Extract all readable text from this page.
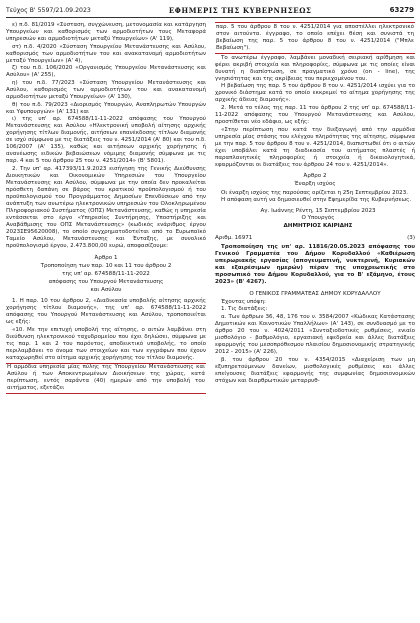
Τεύχος Β' 5597/21.09.2023	ΕΦΗΜΕΡΙΣ ΤΗΣ ΚΥΒΕΡΝΗΣΕΩΣ	63279

ε) π.δ. 81/2019 «Σύσταση, συγχώνευση, μετονομασία και κατάργηση Υπουργείων και καθορισμός των αρμοδιοτήτων τους Μεταφορά υπηρεσιών και αρμοδιοτήτων μεταξύ Υπουργείων» (Α' 119),

στ) π.δ. 4/2020 «Σύσταση Υπουργείου Μετανάστευσης και Ασύλου, καθορισμός των αρμοδιοτήτων του και ανακατανομή αρμοδιοτήτων μεταξύ Υπουργείων» (Α' 4),

ζ) του π.δ. 106/2020 «Οργανισμός Υπουργείου Μετανάστευσης και Ασύλου» (Α' 255),

η) του π.δ. 77/2023 «Σύσταση Υπουργείου Μετανάστευσης και Ασύλου, καθορισμός των αρμοδιοτήτων του και ανακατανομή αρμοδιοτήτων μεταξύ Υπουργείων» (Α' 130),

θ) του π.δ. 79/2023 «Διορισμός Υπουργών, Αναπληρωτών Υπουργών και Υφυπουργών» (Α' 131) και

ι) της υπ' αρ. 674588/11-11-2022 απόφασης του Υπουργού Μετανάστευσης και Ασύλου «Ηλεκτρονική υποβολή αίτησης αρχικής χορήγησης τίτλων διαμονής, αιτήσεων επανέκδοσης τίτλων διαμονής σε ισχύ σύμφωνα με τις διατάξεις του ν. 4251/2014 (Α' 80) και του π.δ. 106/2007 (Α' 135), καθώς και αιτήσεων αρχικής χορήγησης ή ανανέωσης ειδικών βεβαιώσεων νόμιμης διαμονής σύμφωνα με τις παρ. 4 και 5 του άρθρου 25 του ν. 4251/2014» (Β' 5801).

2. Την υπ' αρ. 417393/11.9.2023 εισήγηση της Γενικής Διεύθυνσης Διοικητικών και Οικονομικών Υπηρεσιών του Υπουργείου Μετανάστευσης και Ασύλου, σύμφωνα με την οποία δεν προκαλείται πρόσθετη δαπάνη σε βάρος του κρατικού προϋπολογισμού ή του προϋπολογισμού του Προγράμματος Δημοσίων Επενδύσεων από την ανάπτυξη των ανωτέρω ηλεκτρονικών υπηρεσιών του Ολοκληρωμένου Πληροφοριακού Συστήματος (ΟΠΣ) Μετανάστευσης, καθώς η υπηρεσία εντάσσεται στο έργο «Υπηρεσίες Συντήρησης, Υποστήριξης και Αναβάθμισης του ΟΠΣ Μετανάστευσης» (κωδικός ενάριθμος έργου 2023ΣΕ95620008), το οποίο συγχρηματοδοτείται από το Ευρωπαϊκό Ταμείο Ασύλου, Μετανάστευσης και Ένταξης, με συνολικό προϋπολογισμό έργου, 2.473.800,00 ευρώ, αποφασίζουμε:

Άρθρο 1

Τροποποίηση των παρ. 10 και 11 του άρθρου 2

της υπ' αρ. 674588/11-11-2022

απόφασης του Υπουργού Μετανάστευσης

και Ασύλου

1. Η παρ. 10 του άρθρου 2, «Διαδικασία υποβολής αίτησης αρχικής χορήγησης τίτλου διαμονής», της υπ' αρ. 674588/11-11-2022 απόφασης του Υπουργού Μετανάστευσης και Ασύλου, τροποποιείται ως εξής:

«10. Με την επιτυχή υποβολή της αίτησης, ο αιτών λαμβάνει στη διεύθυνση ηλεκτρονικού ταχυδρομείου που έχει δηλώσει, σύμφωνα με τις παρ. 1 και 2 του παρόντος, αποδεικτικό υποβολής, το οποίο περιλαμβάνει το όνομα των στοιχείων και των εγγράφων που έχουν καταχωρηθεί στο αίτημα αρχικής χορήγησης του τίτλου διαμονής.

Η αρμόδια υπηρεσία μίας πύλης της Υπουργείου Μετανάστευσης και Ασύλου ή των Αποκεντρωμένων Διοικήσεων της χώρας, κατά περίπτωση, εντός σαράντα (40) ημερών από την υποβολή του αιτήματος, εξετάζει

παρ. 5 του άρθρου 8 του ν. 4251/2014 για αποστέλλει ηλεκτρονικό στον αιτούντα. έγγραφο, το οποίο επέχει θέση και συνιστά τη βεβαίωση της παρ. 5 του άρθρου 8 του ν. 4251/2014 ("Μπλε Βεβαίωση").

Το ανωτέρω έγγραφο, λαμβάνει μοναδική σειριακή αρίθμηση και φέρει ακριβή στοιχεία και πληροφορίες, σύμφωνα με τις οποίες είναι δυνατή η διαπίστωση, σε πραγματικό χρόνο (on - line), της γνησιότητας και της ακρίβειας του περιεχομένου του.

Η βεβαίωση της παρ. 5 του άρθρου 8 του ν. 4251/2014 ισχύει για το χρονικό διάστημα κατά το οποίο εκκρεμεί το αίτημα χορήγησης της αρχικής άδειας διαμονής».

2. Μετά το τέλος της παρ. 11 του άρθρου 2 της υπ' αρ. 674588/11-11-2022 απόφασης του Υπουργού Μετανάστευσης και Ασύλου, προστίθεται νέο εδάφιο, ως εξής:

«Στην περίπτωση που κατά την διεξαγωγή από την αρμόδια υπηρεσία μίας στάσης του ελέγχου πληρότητας της αίτησης, σύμφωνα με την παρ. 5 του άρθρου 8 του ν. 4251/2014, διαπιστωθεί ότι ο αιτών έχει υποβάλει κατά τη διαδικασία του αιτήματος πλαστές ή παραπλανητικές πληροφορίες ή στοιχεία ή δικαιολογητικά, εφαρμόζονται οι διατάξεις του άρθρου 24 του ν. 4251/2014».

Άρθρο 2

Έναρξη ισχύος

Οι έναρξη ισχύος της παρούσας ορίζεται η 25η Σεπτεμβρίου 2023.

Η απόφαση αυτή να δημοσιευθεί στην Εφημερίδα της Κυβερνήσεως.

Αγ. Ιωάννης Ρέντη, 15 Σεπτεμβρίου 2023

Ο Υπουργός

ΔΗΜΗΤΡΙΟΣ ΚΑΙΡΙΔΗΣ

Αριθμ. 16971	(3)

Τροποποίηση της υπ' αρ. 11816/20.05.2023 απόφασης του Γενικού Γραμματέα του Δήμου Κορυδαλλού «Καθιέρωση υπερωριακής εργασίας (απογευματινή, νυκτερινή, Κυριακών και εξαιρέσιμων ημερών) πέραν της υποχρεωτικής στο προσωπικό του Δήμου Κορυδαλλού, για το Β' εξάμηνο, έτους 2023» (Β' 4267).

Ο ΓΕΝΙΚΟΣ ΓΡΑΜΜΑΤΕΑΣ ΔΗΜΟΥ ΚΟΡΥΔΑΛΛΟΥ

Έχοντας υπόψη:

1. Τις διατάξεις:

α. Των άρθρων 36, 48, 176 του ν. 3584/2007 «Κώδικας Κατάστασης Δημοτικών και Κοινοτικών Υπαλλήλων» (Α' 143), σε συνδυασμό με το άρθρο 20 του ν. 4024/2011 «Συνταξιοδοτικές ρυθμίσεις, ενιαίο μισθολόγιο - βαθμολόγιο, εργασιακή εφεδρεία και άλλες διατάξεις εφαρμογής του μεσοπρόθεσμου πλαισίου δημοσιονομικής στρατηγικής 2012 - 2015» (Α' 226),

β. του άρθρου 20 του ν. 4354/2015 «Διαχείριση των μη εξυπηρετούμενων δανείων, μισθολογικές ρυθμίσεις και άλλες επείγουσες διατάξεις εφαρμογής της συμφωνίας δημοσιονομικών στόχων και διαρθρωτικών μεταρρυθ-
